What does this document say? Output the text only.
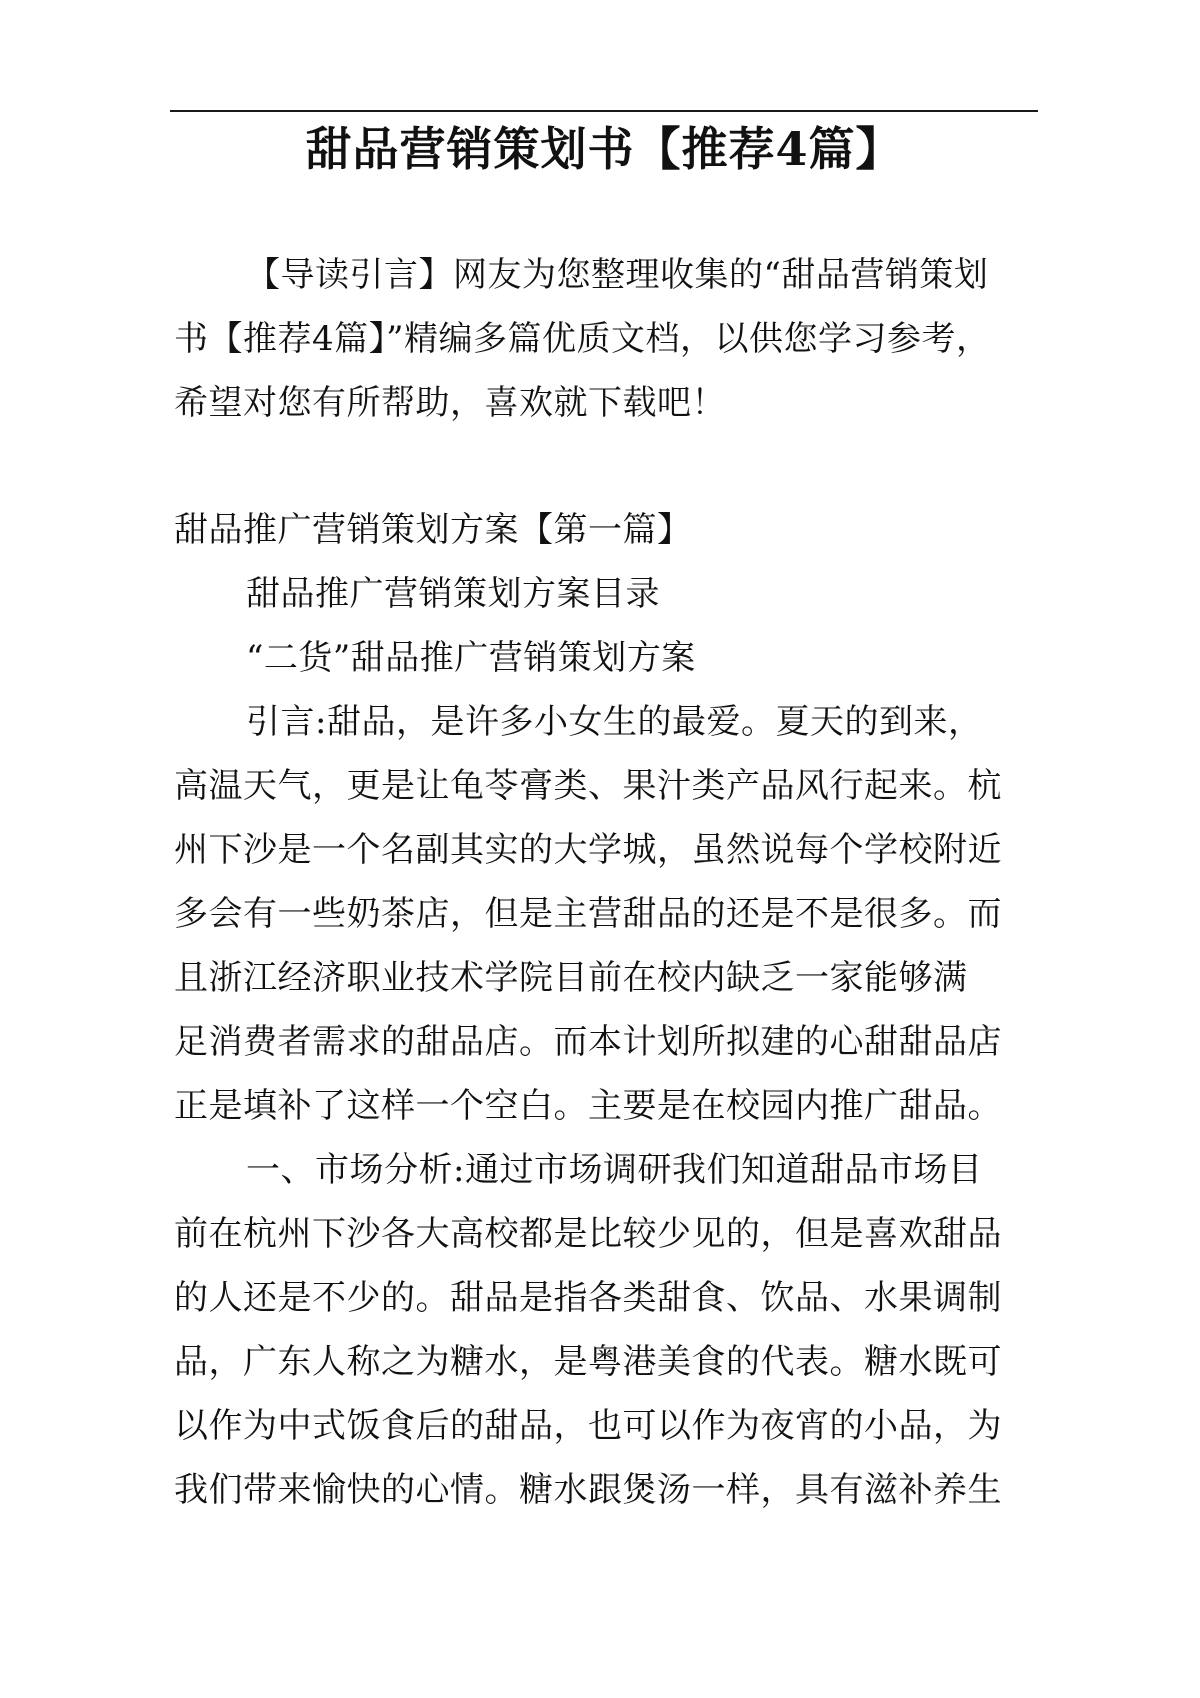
甜品营销策划书【推荐4篇】
【导读引言】网友为您整理收集的“甜品营销策划
书【推荐4篇】”精编多篇优质文档，以供您学习参考，
希望对您有所帮助，喜欢就下载吧！
甜品推广营销策划方案【第一篇】
甜品推广营销策划方案目录
“二货”甜品推广营销策划方案
引言:甜品，是许多小女生的最爱。夏天的到来，
高温天气，更是让龟苓膏类、果汁类产品风行起来。杭
州下沙是一个名副其实的大学城，虽然说每个学校附近
多会有一些奶茶店，但是主营甜品的还是不是很多。而
且浙江经济职业技术学院目前在校内缺乏一家能够满
足消费者需求的甜品店。而本计划所拟建的心甜甜品店
正是填补了这样一个空白。主要是在校园内推广甜品。
一、市场分析:通过市场调研我们知道甜品市场目
前在杭州下沙各大高校都是比较少见的，但是喜欢甜品
的人还是不少的。甜品是指各类甜食、饮品、水果调制
品，广东人称之为糖水，是粤港美食的代表。糖水既可
以作为中式饭食后的甜品，也可以作为夜宵的小品，为
我们带来愉快的心情。糖水跟煲汤一样，具有滋补养生
